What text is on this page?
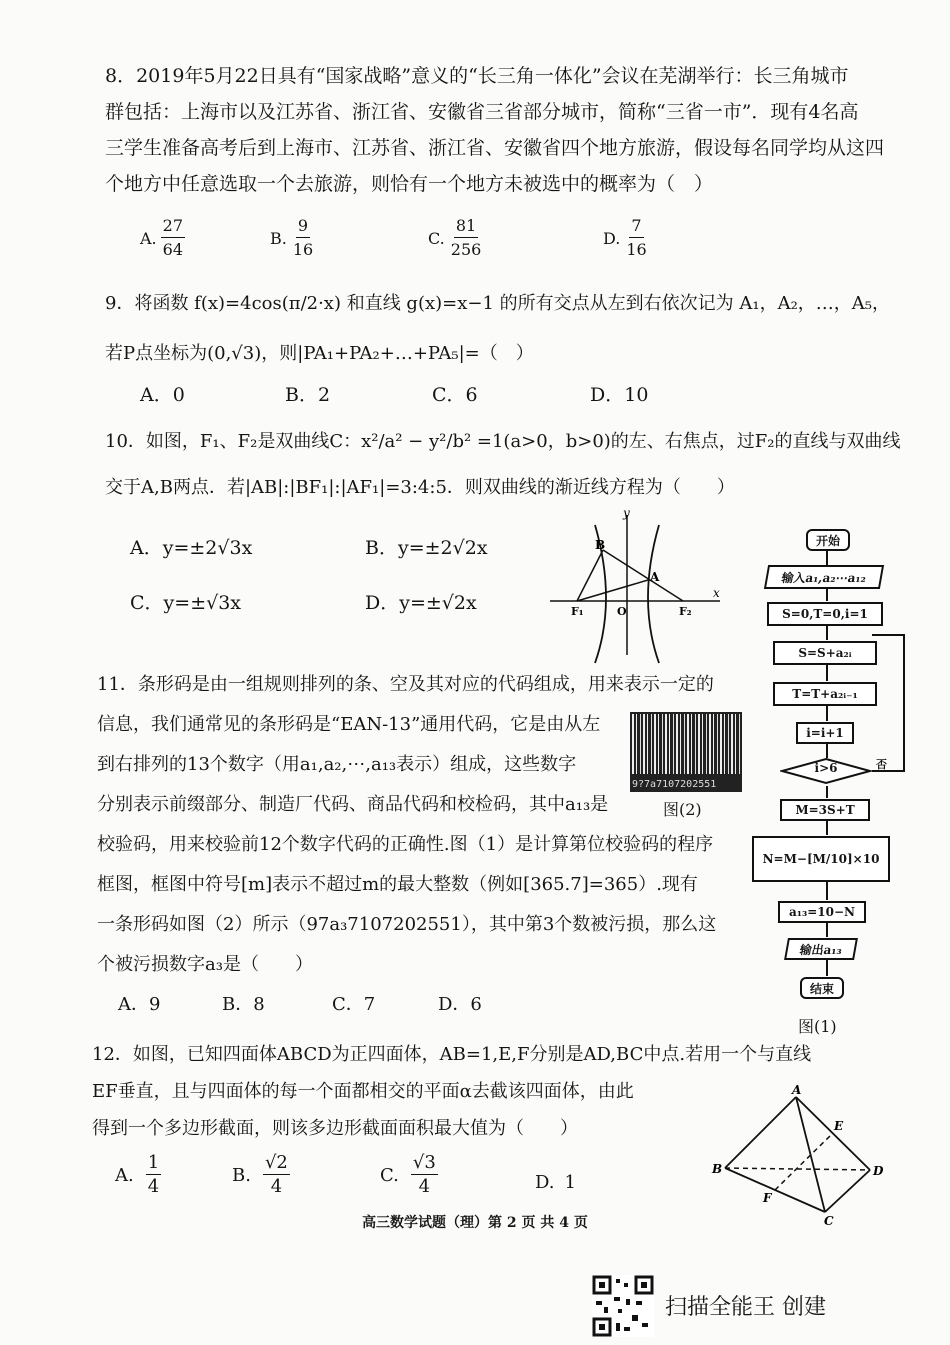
8．2019年5月22日具有“国家战略”意义的“长三角一体化”会议在芜湖举行：长三角城市
群包括：上海市以及江苏省、浙江省、安徽省三省部分城市，简称“三省一市”．现有4名高
三学生准备高考后到上海市、江苏省、浙江省、安徽省四个地方旅游，假设每名同学均从这四
个地方中任意选取一个去旅游，则恰有一个地方未被选中的概率为（　）
A. $\frac{27}{64}$	B. $\frac{9}{16}$	C. $\frac{81}{256}$	D. $\frac{7}{16}$
9．将函数 f(x)=4cos(π/2·x) 和直线 g(x)=x−1 的所有交点从左到右依次记为 A₁，A₂，…，A₅，
若P点坐标为(0,√3)，则|PA₁+PA₂+…+PA₅|=（　）
A．0	B．2	C．6	D．10
10．如图，F₁、F₂是双曲线C：x²/a² − y²/b² =1(a>0，b>0)的左、右焦点，过F₂的直线与双曲线
交于A,B两点．若|AB|:|BF₁|:|AF₁|=3:4:5．则双曲线的渐近线方程为（　　）
A．y=±2√3x	B．y=±2√2x
C．y=±√3x	D．y=±√2x
y
x
B
A
F₁	O	F₂
11．条形码是由一组规则排列的条、空及其对应的代码组成，用来表示一定的
信息，我们通常见的条形码是“EAN-13”通用代码，它是由从左
到右排列的13个数字（用a₁,a₂,⋯,a₁₃表示）组成，这些数字
分别表示前缀部分、制造厂代码、商品代码和校检码，其中a₁₃是
校验码，用来校验前12个数字代码的正确性.图（1）是计算第位校验码的程序
框图，框图中符号[m]表示不超过m的最大整数（例如[365.7]=365）.现有
一条形码如图（2）所示（97a₃7107202551），其中第3个数被污损，那么这
个被污损数字a₃是（　　）
A．9	B．8	C．7	D．6
9?7a7107202551
图(2)
开始
输入a₁,a₂⋯a₁₂
S=0,T=0,i=1
S=S+a₂ᵢ
T=T+a₂ᵢ₋₁
i=i+1
i>6	否
M=3S+T
N=M−[M/10]×10
a₁₃=10−N
输出a₁₃
结束
图(1)
12．如图，已知四面体ABCD为正四面体，AB=1,E,F分别是AD,BC中点.若用一个与直线
EF垂直，且与四面体的每一个面都相交的平面α去截该四面体，由此
得到一个多边形截面，则该多边形截面面积最大值为（　　）
A. $\frac{1}{4}$	B. $\frac{√2}{4}$	C. $\frac{√3}{4}$	D. 1
A
B
C
D
E
F
高三数学试题（理）第 2 页 共 4 页
扫描全能王 创建
